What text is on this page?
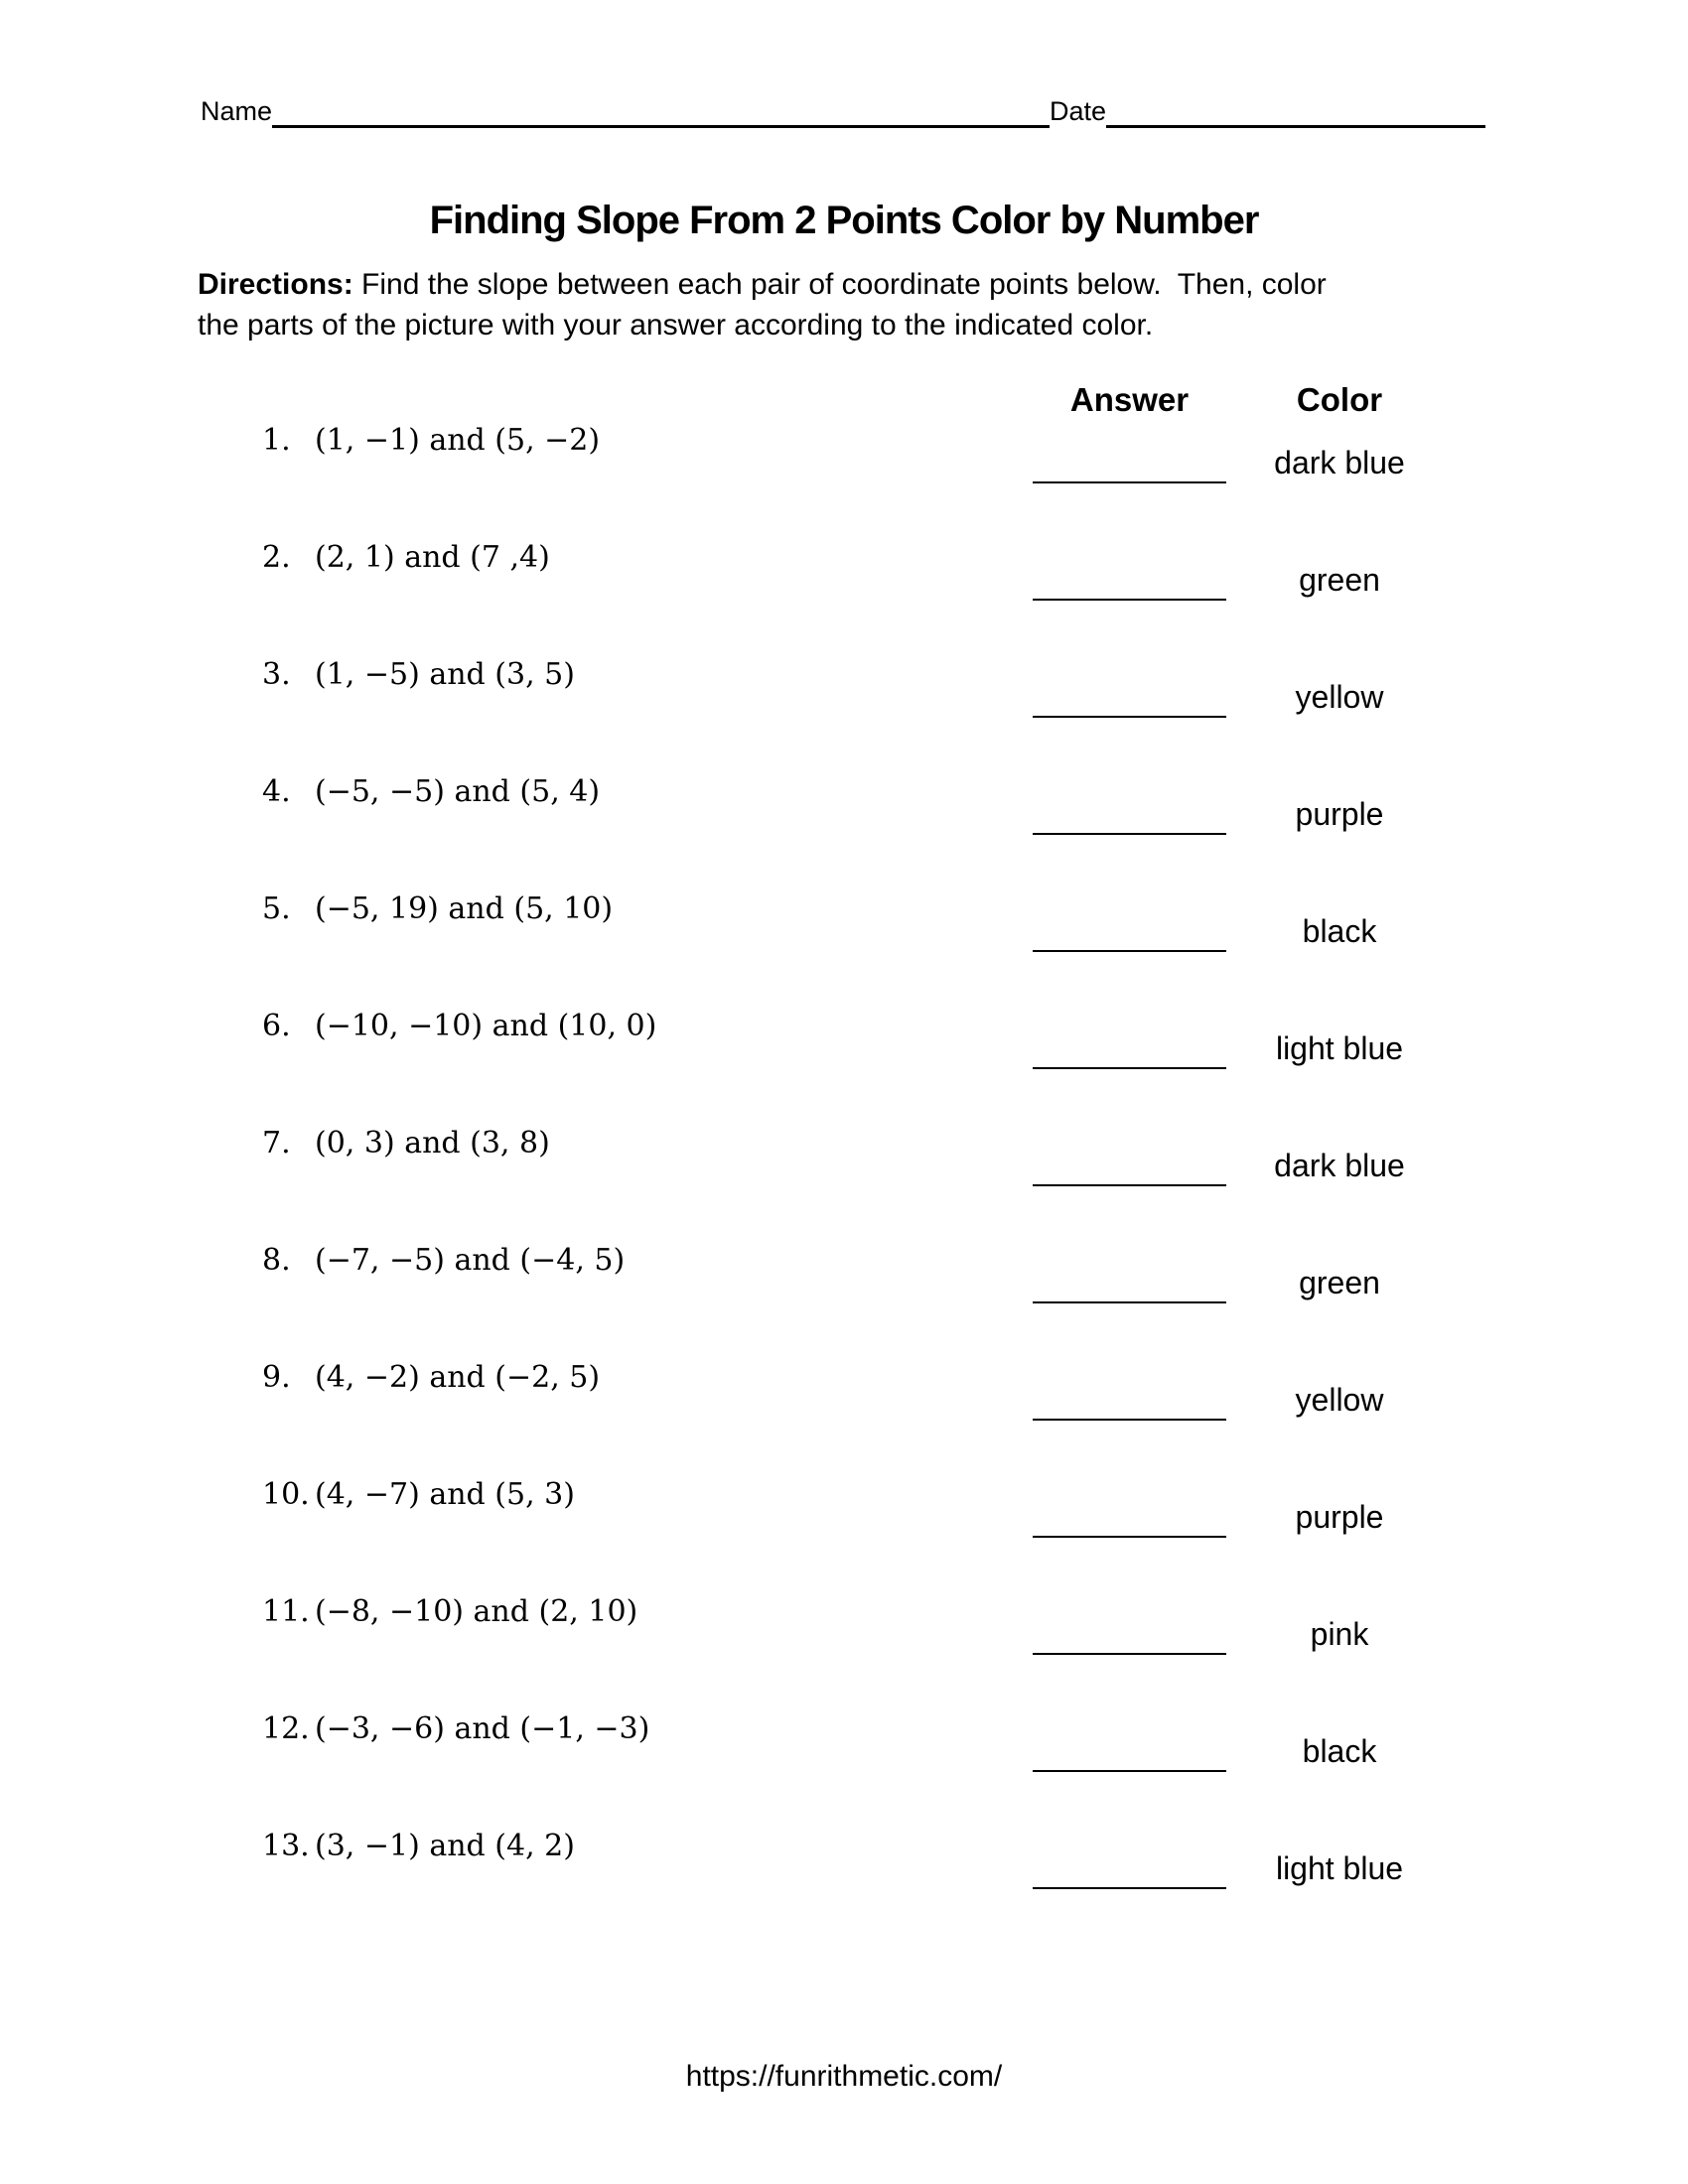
Name	Date
Finding Slope From 2 Points Color by Number

Directions: Find the slope between each pair of coordinate points below.  Then, color
the parts of the picture with your answer according to the indicated color.

Answer	Color
1. (1, −1) and (5, −2)
dark blue
2. (2, 1) and (7 ,4)
green
3. (1, −5) and (3, 5)
yellow
4. (−5, −5) and (5, 4)
purple
5. (−5, 19) and (5, 10)
black
6. (−10, −10) and (10, 0)
light blue
7. (0, 3) and (3, 8)
dark blue
8. (−7, −5) and (−4, 5)
green
9. (4, −2) and (−2, 5)
yellow
10. (4, −7) and (5, 3)
purple
11. (−8, −10) and (2, 10)
pink
12. (−3, −6) and (−1, −3)
black
13. (3, −1) and (4, 2)
light blue
https://funrithmetic.com/
